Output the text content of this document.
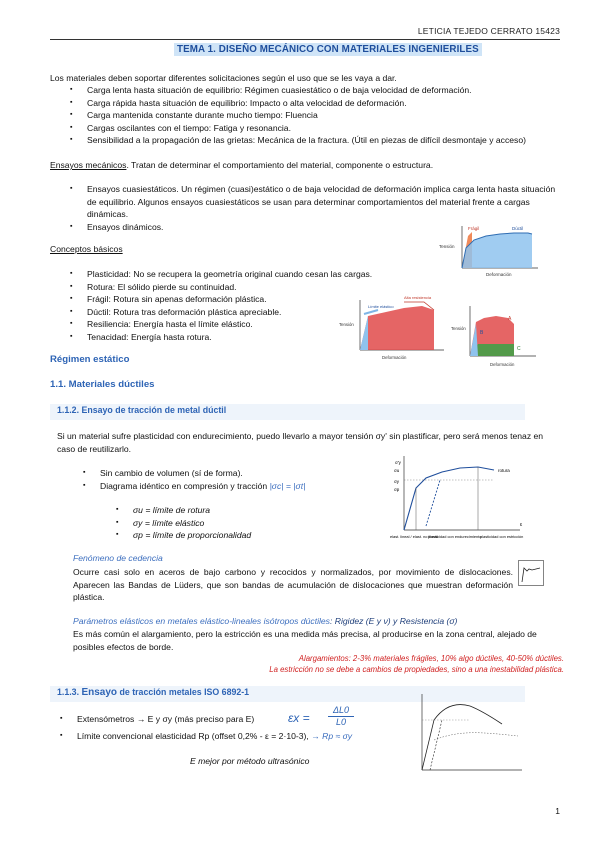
LETICIA TEJEDO CERRATO 15423
TEMA 1. DISEÑO MECÁNICO CON MATERIALES INGENIERILES
Los materiales deben soportar diferentes solicitaciones según el uso que se les vaya a dar.
▪ Carga lenta hasta situación de equilibrio: Régimen cuasiestático o de baja velocidad de deformación.
▪ Carga rápida hasta situación de equilibrio: Impacto o alta velocidad de deformación.
▪ Carga mantenida constante durante mucho tiempo: Fluencia
▪ Cargas oscilantes con el tiempo: Fatiga y resonancia.
▪ Sensibilidad a la propagación de las grietas: Mecánica de la fractura. (Útil en piezas de difícil desmontaje y acceso)
Ensayos mecánicos. Tratan de determinar el comportamiento del material, componente o estructura.
▪ Ensayos cuasiestáticos. Un régimen (cuasi)estático o de baja velocidad de deformación implica carga lenta hasta situación de equilibrio. Algunos ensayos cuasiestáticos se usan para determinar comportamientos del material frente a cargas dinámicas.
▪ Ensayos dinámicos.
Tensión
Deformación
Frágil	Dúctil
Conceptos básicos
▪ Plasticidad: No se recupera la geometría original cuando cesan las cargas.
▪ Rotura: El sólido pierde su continuidad.
▪ Frágil: Rotura sin apenas deformación plástica.
▪ Dúctil: Rotura tras deformación plástica apreciable.
▪ Resiliencia: Energía hasta el límite elástico.
▪ Tenacidad: Energía hasta rotura.
Tensión
Deformación
Límite elástico
Alta resistencia
Tensión
Deformación
A
B
C
Régimen estático
1.1. Materiales dúctiles
1.1.2. Ensayo de tracción de metal dúctil
Si un material sufre plasticidad con endurecimiento, puedo llevarlo a mayor tensión σy' sin plastificar, pero será menos tenaz en caso de reutilizarlo.
▪ Sin cambio de volumen (sí de forma).
▪ Diagrama idéntico en compresión y tracción |σc| = |σt|
▪ σu = límite de rotura
▪ σy = límite elástico
▪ σp = límite de proporcionalidad
σ'y
σu
σy
σp
rotura
ε
elast. lineal / elast. no lineal
plasticidad con endurecimiento
plasticidad con estricción
Fenómeno de cedencia
Ocurre casi solo en aceros de bajo carbono y recocidos y normalizados, por movimiento de dislocaciones. Aparecen las Bandas de Lüders, que son bandas de acumulación de dislocaciones que muestran deformación plástica.
Parámetros elásticos en metales elástico-lineales isótropos dúctiles: Rigidez (E y ν) y Resistencia (σ)
Es más común el alargamiento, pero la estricción es una medida más precisa, al producirse en la zona central, alejado de posibles efectos de borde.
Alargamientos: 2-3% materiales frágiles, 10% algo dúctiles, 40-50% dúctiles.
La estricción no se debe a cambios de propiedades, sino a una inestabilidad plástica.
1.1.3. Ensayo de tracción metales ISO 6892-1
▪ Extensómetros → E y σy (más preciso para E)
▪ Límite convencional elasticidad Rp (offset 0,2% - ε = 2·10-3), → Rp ≈ σy
εx =
ΔL0
L0
E mejor por método ultrasónico
1
